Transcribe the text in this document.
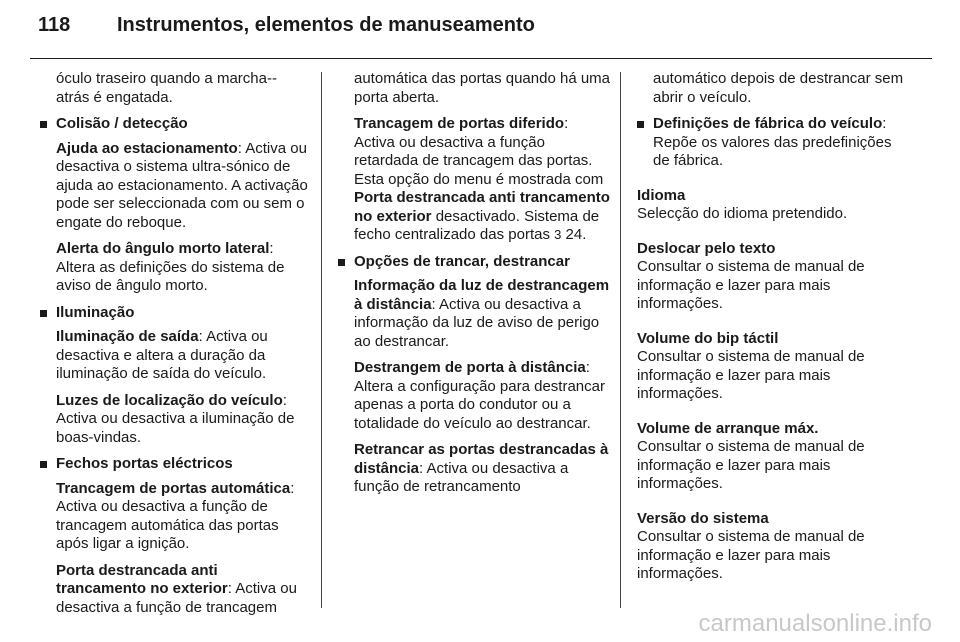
118 Instrumentos, elementos de manuseamento

óculo traseiro quando a marcha--atrás é engatada.

Colisão / detecção

Ajuda ao estacionamento: Activa ou desactiva o sistema ultra-sónico de ajuda ao estacionamento. A activação pode ser seleccionada com ou sem o engate do reboque.

Alerta do ângulo morto lateral: Altera as definições do sistema de aviso de ângulo morto.

Iluminação

Iluminação de saída: Activa ou desactiva e altera a duração da iluminação de saída do veículo.

Luzes de localização do veículo: Activa ou desactiva a iluminação de boas-vindas.

Fechos portas eléctricos

Trancagem de portas automática: Activa ou desactiva a função de trancagem automática das portas após ligar a ignição.

Porta destrancada anti trancamento no exterior: Activa ou desactiva a função de trancagem

automática das portas quando há uma porta aberta.

Trancagem de portas diferido: Activa ou desactiva a função retardada de trancagem das portas. Esta opção do menu é mostrada com Porta destrancada anti trancamento no exterior desactivado. Sistema de fecho centralizado das portas 3 24.

Opções de trancar, destrancar

Informação da luz de destrancagem à distância: Activa ou desactiva a informação da luz de aviso de perigo ao destrancar.

Destrangem de porta à distância: Altera a configuração para destrancar apenas a porta do condutor ou a totalidade do veículo ao destrancar.

Retrancar as portas destrancadas à distância: Activa ou desactiva a função de retrancamento

automático depois de destrancar sem abrir o veículo.

Definições de fábrica do veículo: Repõe os valores das predefinições de fábrica.
Idioma
Selecção do idioma pretendido.
Deslocar pelo texto
Consultar o sistema de manual de informação e lazer para mais informações.
Volume do bip táctil
Consultar o sistema de manual de informação e lazer para mais informações.
Volume de arranque máx.
Consultar o sistema de manual de informação e lazer para mais informações.
Versão do sistema
Consultar o sistema de manual de informação e lazer para mais informações.
carmanualsonline.info
